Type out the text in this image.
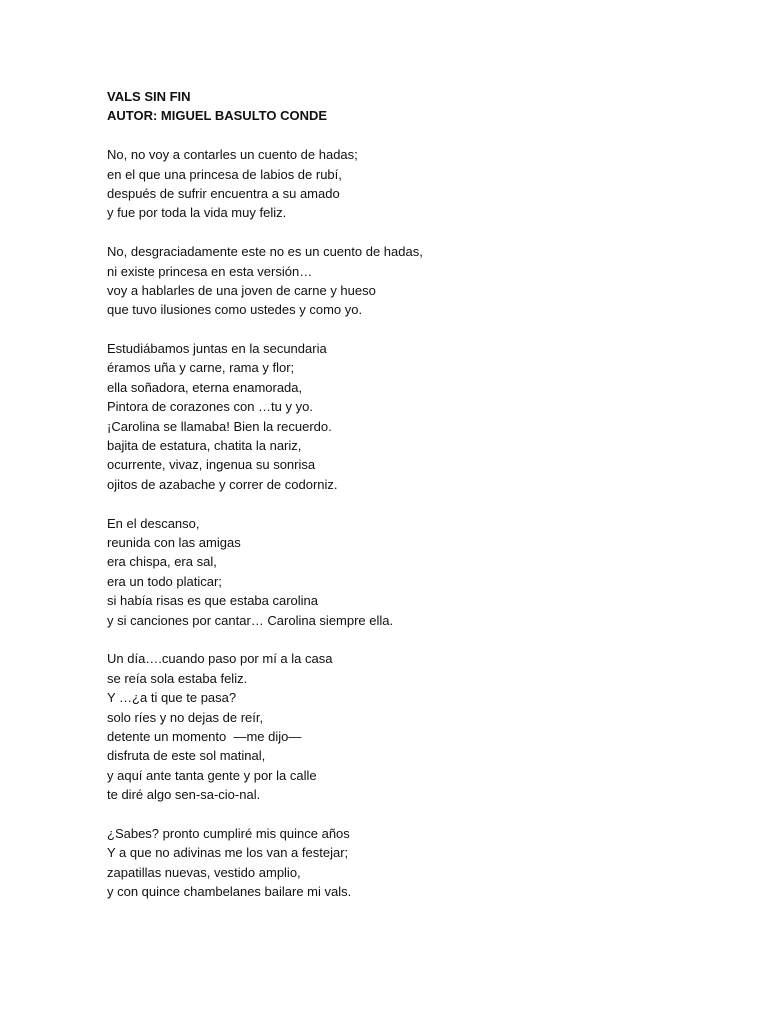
VALS SIN FIN
AUTOR: MIGUEL BASULTO CONDE
No, no voy a contarles un cuento de hadas;
en el que una princesa de labios de rubí,
después de sufrir encuentra a su amado
y fue por toda la vida muy feliz.
No, desgraciadamente este no es un cuento de hadas,
ni existe princesa en esta versión…
voy a hablarles de una joven de carne y hueso
que tuvo ilusiones como ustedes y como yo.
Estudiábamos juntas en la secundaria
éramos uña y carne, rama y flor;
ella soñadora, eterna enamorada,
Pintora de corazones con …tu y yo.
¡Carolina se llamaba! Bien la recuerdo.
bajita de estatura, chatita la nariz,
ocurrente, vivaz, ingenua su sonrisa
ojitos de azabache y correr de codorniz.
En el descanso,
reunida con las amigas
era chispa, era sal,
era un todo platicar;
si había risas es que estaba carolina
y si canciones por cantar… Carolina siempre ella.
Un día….cuando paso por mí a la casa
se reía sola estaba feliz.
Y …¿a ti que te pasa?
solo ríes y no dejas de reír,
detente un momento  —me dijo—
disfruta de este sol matinal,
y aquí ante tanta gente y por la calle
te diré algo sen-sa-cio-nal.
¿Sabes? pronto cumpliré mis quince años
Y a que no adivinas me los van a festejar;
zapatillas nuevas, vestido amplio,
y con quince chambelanes bailare mi vals.
